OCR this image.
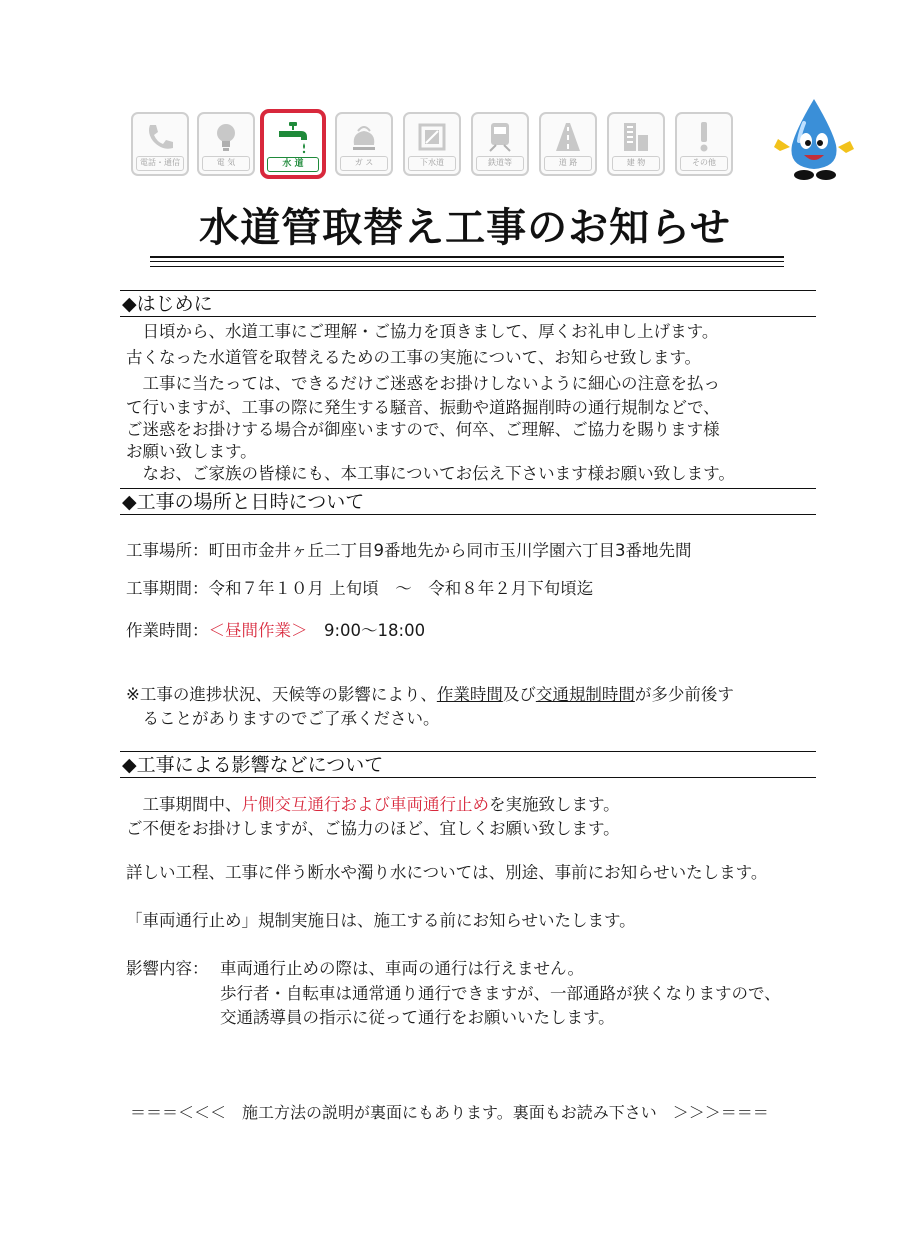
電話・通信	電 気	水 道	ガ ス	下水道	鉄道等	道 路	建 物	その他
水道管取替え工事のお知らせ
◆はじめに
　日頃から、水道工事にご理解・ご協力を頂きまして、厚くお礼申し上げます。
古くなった水道管を取替えるための工事の実施について、お知らせ致します。
　工事に当たっては、できるだけご迷惑をお掛けしないように細心の注意を払っ
て行いますが、工事の際に発生する騒音、振動や道路掘削時の通行規制などで、
ご迷惑をお掛けする場合が御座いますので、何卒、ご理解、ご協力を賜ります様
お願い致します。
　なお、ご家族の皆様にも、本工事についてお伝え下さいます様お願い致します。
◆工事の場所と日時について
工事場所：町田市金井ヶ丘二丁目9番地先から同市玉川学園六丁目3番地先間
工事期間：令和７年１０月 上旬頃　～　令和８年２月下旬頃迄
作業時間：＜昼間作業＞　9:00～18:00
※工事の進捗状況、天候等の影響により、作業時間及び交通規制時間が多少前後す
　ることがありますのでご了承ください。
◆工事による影響などについて
　工事期間中、片側交互通行および車両通行止めを実施致します。
ご不便をお掛けしますが、ご協力のほど、宜しくお願い致します。
詳しい工程、工事に伴う断水や濁り水については、別途、事前にお知らせいたします。
「車両通行止め」規制実施日は、施工する前にお知らせいたします。
影響内容： 車両通行止めの際は、車両の通行は行えません。
歩行者・自転車は通常通り通行できますが、一部通路が狭くなりますので、
交通誘導員の指示に従って通行をお願いいたします。
＝＝＝＜＜＜　施工方法の説明が裏面にもあります。裏面もお読み下さい　＞＞＞＝＝＝
